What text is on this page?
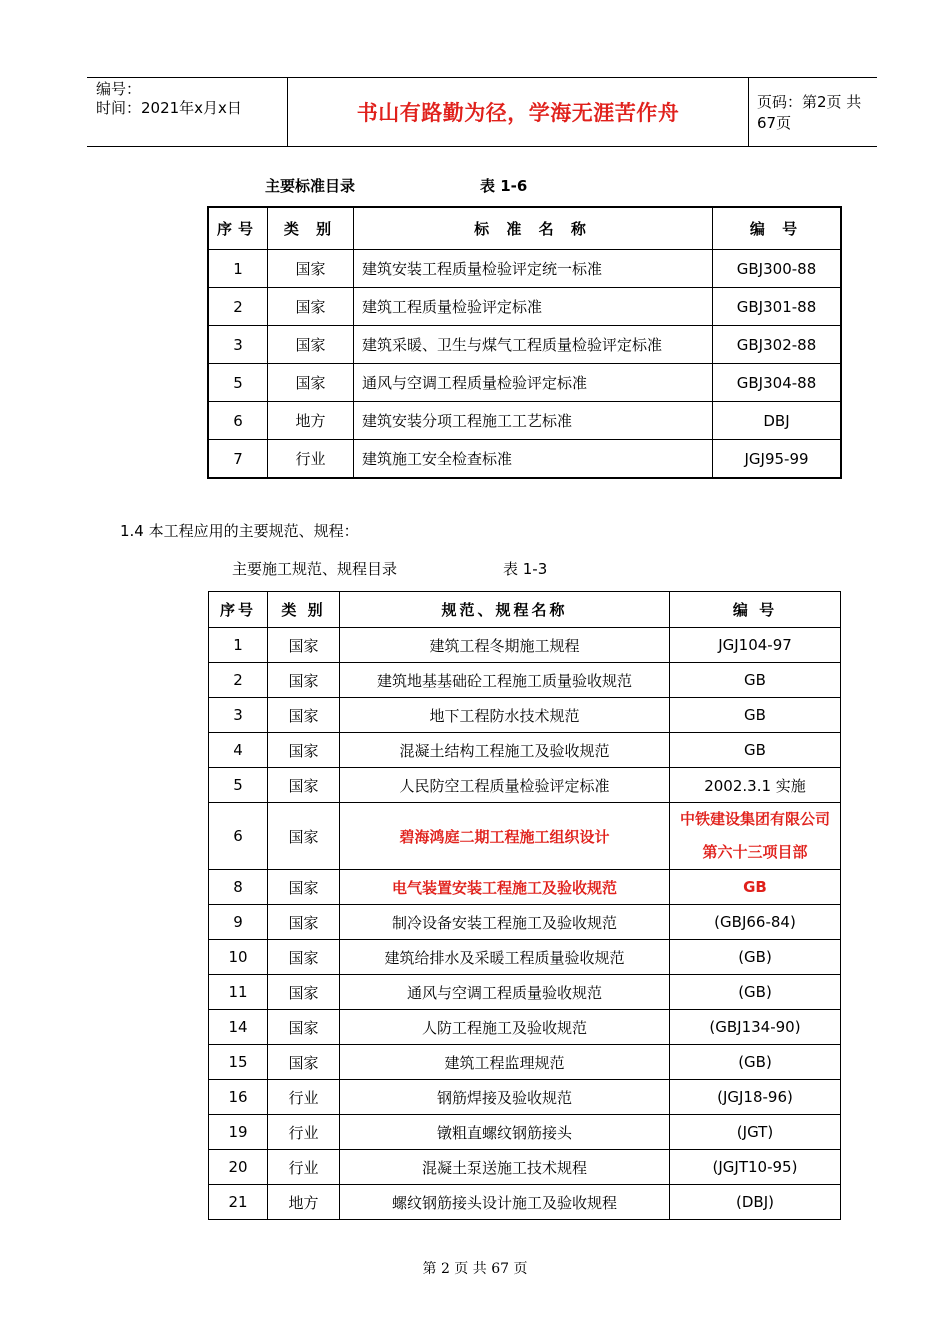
编号：
时间：2021年x月x日	书山有路勤为径，学海无涯苦作舟	页码：第2页 共67页
主要标准目录	表 1-6
序号	类 别	标 准 名 称	编 号
1	国家	建筑安装工程质量检验评定统一标准	GBJ300-88
2	国家	建筑工程质量检验评定标准	GBJ301-88
3	国家	建筑采暖、卫生与煤气工程质量检验评定标准	GBJ302-88
5	国家	通风与空调工程质量检验评定标准	GBJ304-88
6	地方	建筑安装分项工程施工工艺标准	DBJ
7	行业	建筑施工安全检查标准	JGJ95-99
1.4 本工程应用的主要规范、规程：
主要施工规范、规程目录	表 1-3
序号	类 别	规范、规程名称	编 号
1	国家	建筑工程冬期施工规程	JGJ104-97
2	国家	建筑地基基础砼工程施工质量验收规范	GB
3	国家	地下工程防水技术规范	GB
4	国家	混凝土结构工程施工及验收规范	GB
5	国家	人民防空工程质量检验评定标准	2002.3.1 实施
6	国家	碧海鸿庭二期工程施工组织设计	中铁建设集团有限公司第六十三项目部
8	国家	电气装置安装工程施工及验收规范	GB
9	国家	制冷设备安装工程施工及验收规范	(GBJ66-84)
10	国家	建筑给排水及采暖工程质量验收规范	(GB)
11	国家	通风与空调工程质量验收规范	(GB)
14	国家	人防工程施工及验收规范	(GBJ134-90)
15	国家	建筑工程监理规范	(GB)
16	行业	钢筋焊接及验收规范	(JGJ18-96)
19	行业	镦粗直螺纹钢筋接头	(JGT)
20	行业	混凝土泵送施工技术规程	(JGJT10-95)
21	地方	螺纹钢筋接头设计施工及验收规程	(DBJ)
第 2 页 共 67 页
